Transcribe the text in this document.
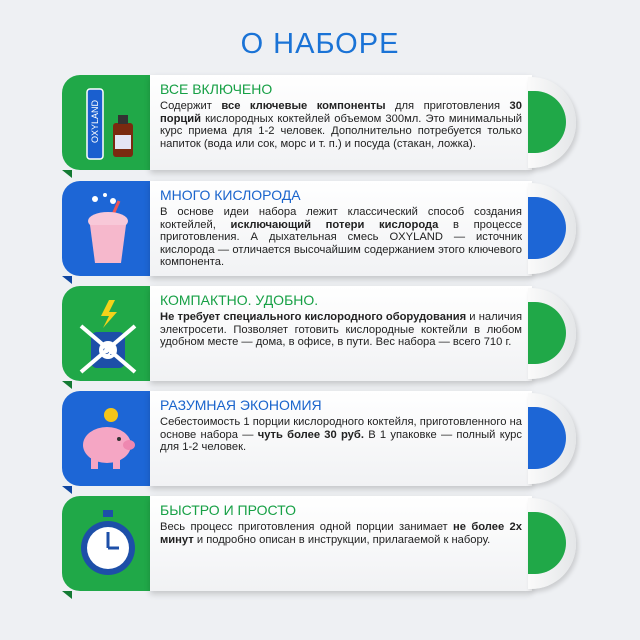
О НАБОРЕ
OXYLAND
ВСЕ ВКЛЮЧЕНО
Содержит все ключевые компоненты для приготовления 30 порций кислородных коктейлей объемом 300мл. Это минимальный курс приема для 1-2 человек. Дополнительно потребуется только напиток (вода или сок, морс и т. п.) и посуда (стакан, ложка).
МНОГО КИСЛОРОДА
В основе идеи набора лежит классический способ создания коктейлей, исключающий потери кислорода в процессе приготовления. А дыхательная смесь OXYLAND — источник кислорода — отличается высочайшим содержанием этого ключевого компонента.
КОМПАКТНО. УДОБНО.
Не требует специального кислородного оборудования и наличия электросети. Позволяет готовить кислородные коктейли в любом удобном месте — дома, в офисе, в пути. Вес набора — всего 710 г.
РАЗУМНАЯ ЭКОНОМИЯ
Себестоимость 1 порции кислородного коктейля, приготовленного на основе набора — чуть более 30 руб. В 1 упаковке — полный курс для 1-2 человек.
БЫСТРО И ПРОСТО
Весь процесс приготовления одной порции занимает не более 2х минут и подробно описан в инструкции, прилагаемой к набору.
